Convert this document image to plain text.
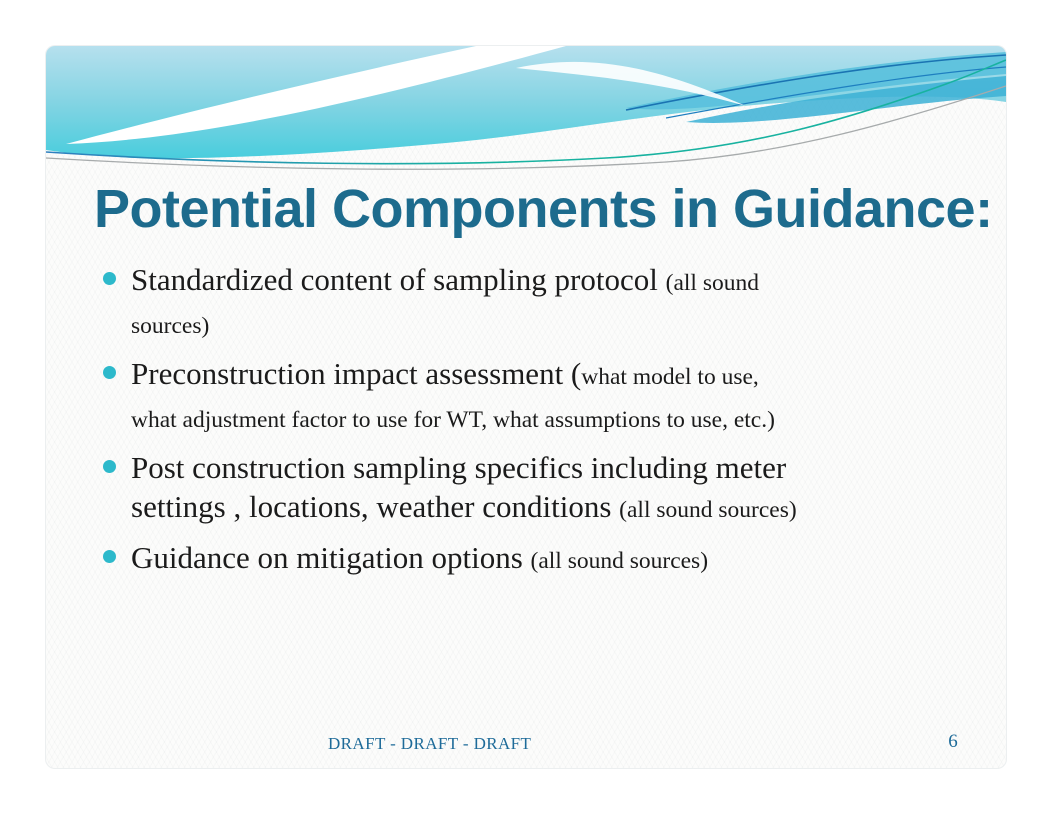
Potential Components in Guidance:
Standardized content of sampling protocol (all sound
sources)
Preconstruction impact assessment (what model to use,
what adjustment factor to use for WT, what assumptions to use, etc.)
Post construction sampling specifics including meter
settings , locations, weather conditions (all sound sources)
Guidance on mitigation options (all sound sources)
DRAFT - DRAFT - DRAFT	6
